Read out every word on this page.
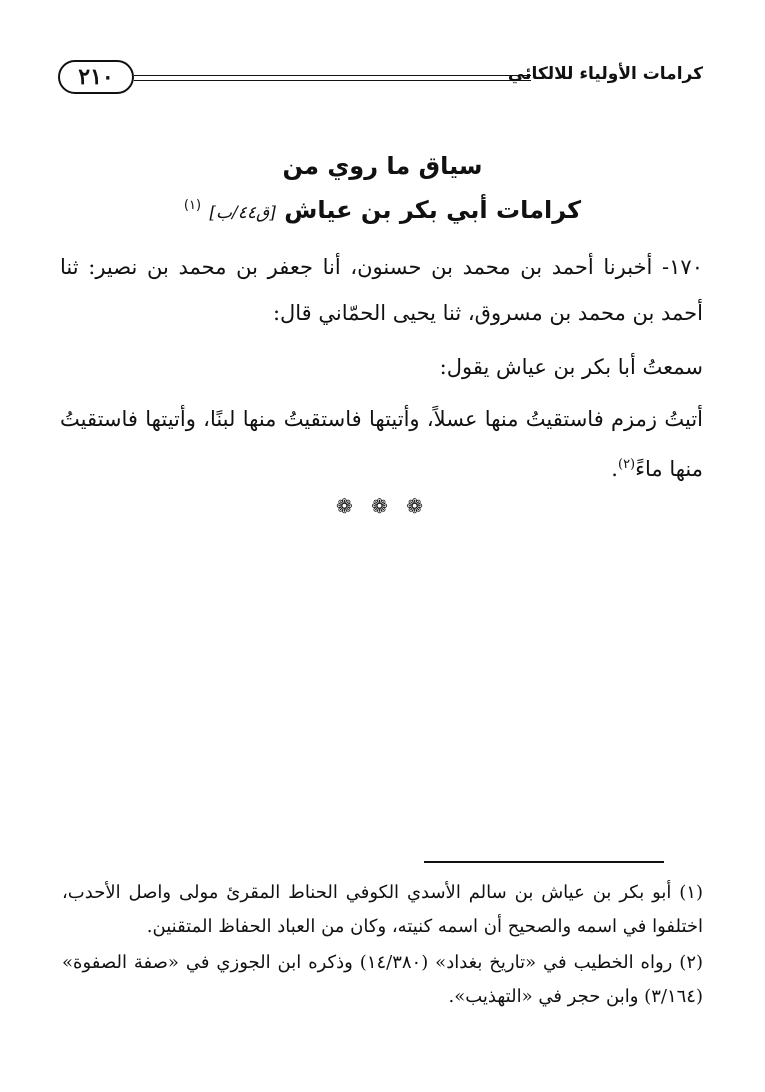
٢١٠	كرامات الأولياء للالكائي
سياق ما روي من
كرامات أبي بكر بن عياش [ق٤٤/ب] $^{(١)}$
١٧٠- أخبرنا أحمد بن محمد بن حسنون، أنا جعفر بن محمد بن نصير: ثنا أحمد بن محمد بن مسروق، ثنا يحيى الحمّاني قال:
سمعتُ أبا بكر بن عياش يقول:
أتيتُ زمزم فاستقيتُ منها عسلاً، وأتيتها فاستقيتُ منها لبنًا، وأتيتها فاستقيتُ منها ماءً$^{(٢)}$.
❁ ❁ ❁

(١) أبو بكر بن عياش بن سالم الأسدي الكوفي الحناط المقرئ مولى واصل الأحدب، اختلفوا في اسمه والصحيح أن اسمه كنيته، وكان من العباد الحفاظ المتقنين.

(٢) رواه الخطيب في «تاريخ بغداد» (١٤/٣٨٠) وذكره ابن الجوزي في «صفة الصفوة» (٣/١٦٤) وابن حجر في «التهذيب».
